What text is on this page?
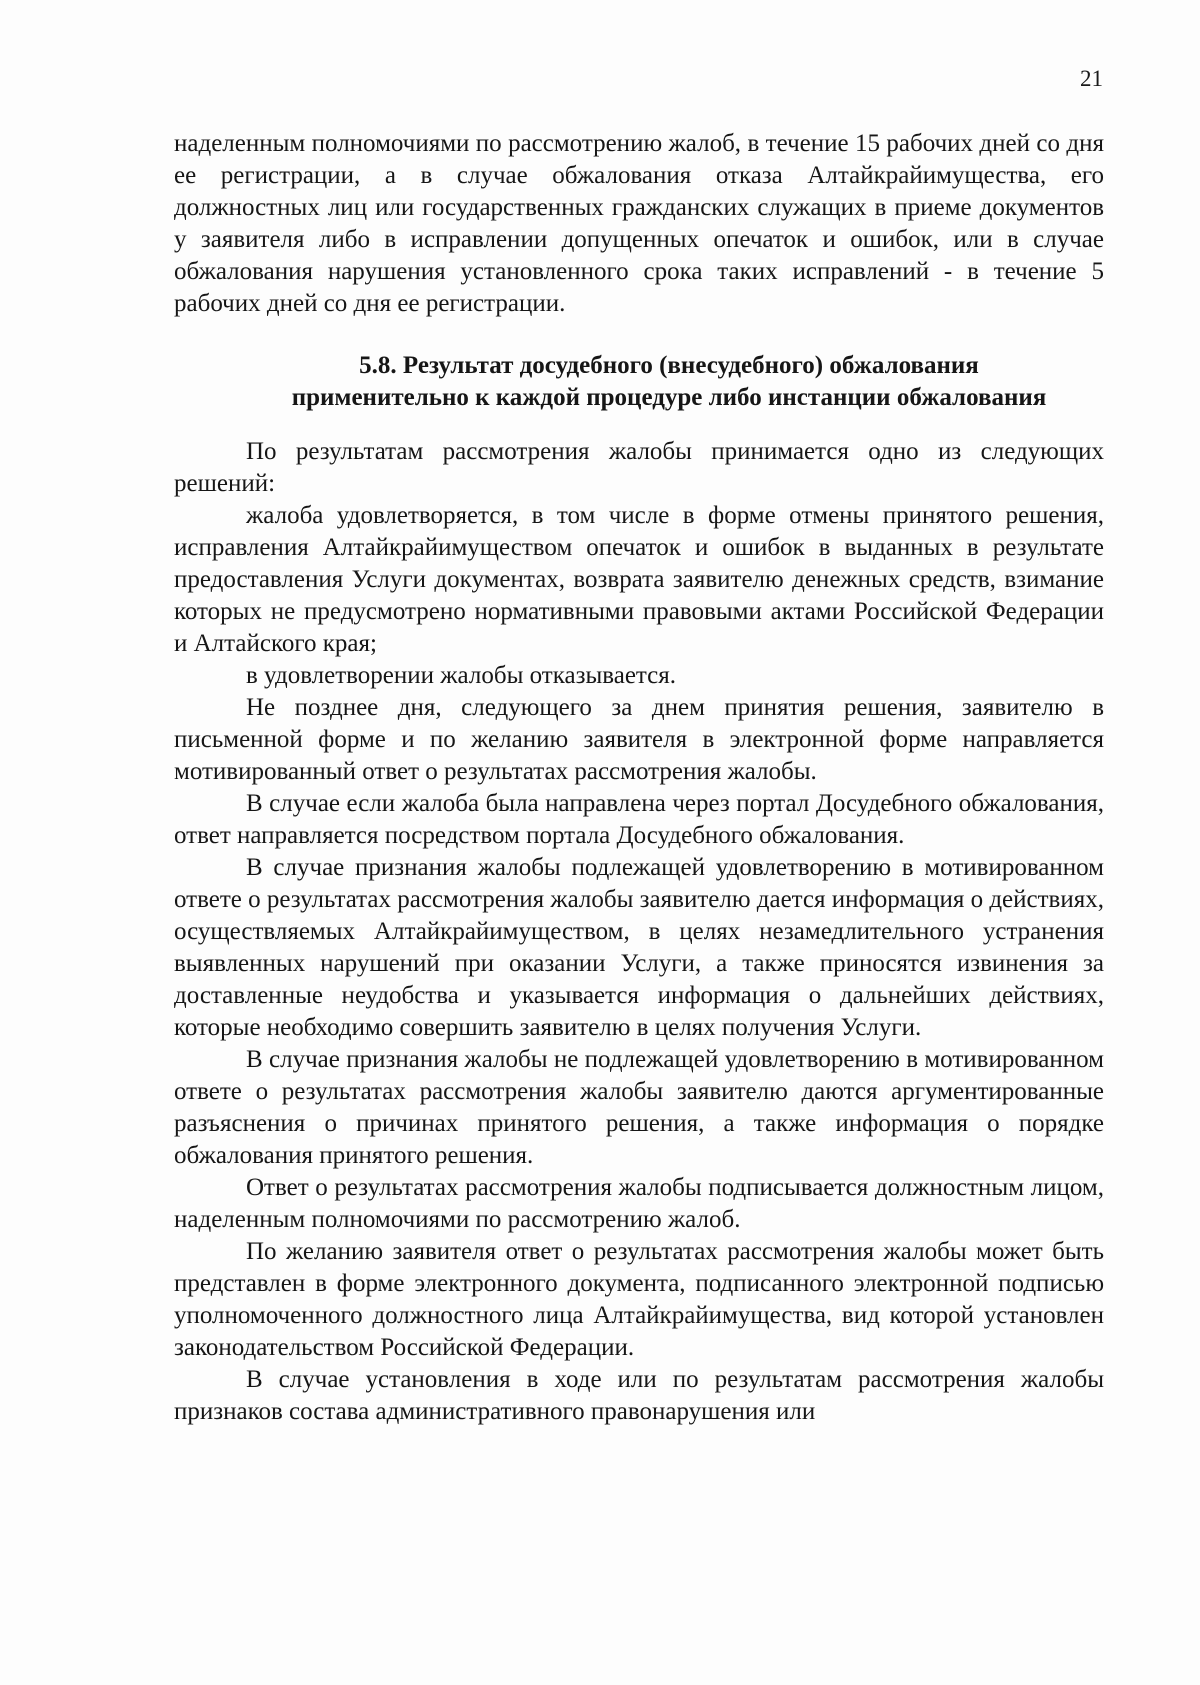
21

наделенным полномочиями по рассмотрению жалоб, в течение 15 рабочих дней со дня ее регистрации, а в случае обжалования отказа Алтайкрайимущества, его должностных лиц или государственных гражданских служащих в приеме документов у заявителя либо в исправлении допущенных опечаток и ошибок, или в случае обжалования нарушения установленного срока таких исправлений - в течение 5 рабочих дней со дня ее регистрации.

5.8. Результат досудебного (внесудебного) обжалования
применительно к каждой процедуре либо инстанции обжалования

По результатам рассмотрения жалобы принимается одно из следующих решений:

жалоба удовлетворяется, в том числе в форме отмены принятого решения, исправления Алтайкрайимуществом опечаток и ошибок в выданных в результате предоставления Услуги документах, возврата заявителю денежных средств, взимание которых не предусмотрено нормативными правовыми актами Российской Федерации и Алтайского края;

в удовлетворении жалобы отказывается.

Не позднее дня, следующего за днем принятия решения, заявителю в письменной форме и по желанию заявителя в электронной форме направляется мотивированный ответ о результатах рассмотрения жалобы.

В случае если жалоба была направлена через портал Досудебного обжалования, ответ направляется посредством портала Досудебного обжалования.

В случае признания жалобы подлежащей удовлетворению в мотивированном ответе о результатах рассмотрения жалобы заявителю дается информация о действиях, осуществляемых Алтайкрайимуществом, в целях незамедлительного устранения выявленных нарушений при оказании Услуги, а также приносятся извинения за доставленные неудобства и указывается информация о дальнейших действиях, которые необходимо совершить заявителю в целях получения Услуги.

В случае признания жалобы не подлежащей удовлетворению в мотивированном ответе о результатах рассмотрения жалобы заявителю даются аргументированные разъяснения о причинах принятого решения, а также информация о порядке обжалования принятого решения.

Ответ о результатах рассмотрения жалобы подписывается должностным лицом, наделенным полномочиями по рассмотрению жалоб.

По желанию заявителя ответ о результатах рассмотрения жалобы может быть представлен в форме электронного документа, подписанного электронной подписью уполномоченного должностного лица Алтайкрайимущества, вид которой установлен законодательством Российской Федерации.

В случае установления в ходе или по результатам рассмотрения жалобы признаков состава административного правонарушения или
